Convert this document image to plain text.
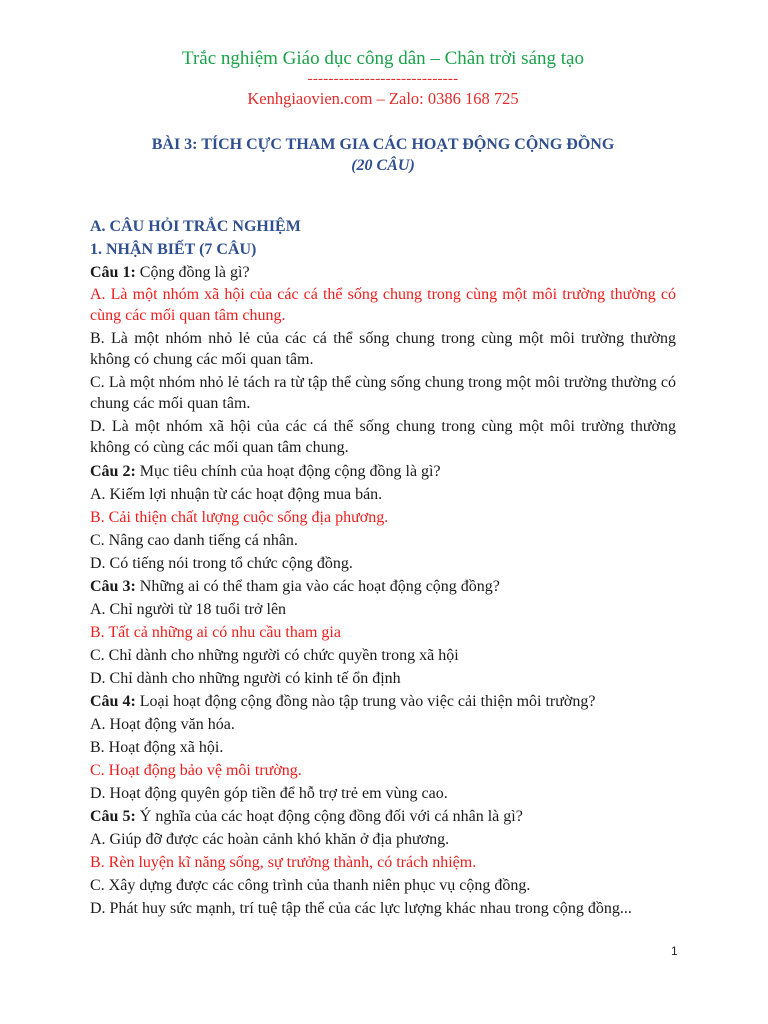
Trắc nghiệm Giáo dục công dân – Chân trời sáng tạo
-----------------------------
Kenhgiaovien.com – Zalo: 0386 168 725
BÀI 3: TÍCH CỰC THAM GIA CÁC HOẠT ĐỘNG CỘNG ĐỒNG
(20 CÂU)
A. CÂU HỎI TRẮC NGHIỆM
1. NHẬN BIẾT (7 CÂU)
Câu 1: Cộng đồng là gì?
A. Là một nhóm xã hội của các cá thể sống chung trong cùng một môi trường thường có cùng các mối quan tâm chung.
B. Là một nhóm nhỏ lẻ của các cá thể sống chung trong cùng một môi trường thường không có chung các mối quan tâm.
C. Là một nhóm nhỏ lẻ tách ra từ tập thể cùng sống chung trong một môi trường thường có chung các mối quan tâm.
D. Là một nhóm xã hội của các cá thể sống chung trong cùng một môi trường thường không có cùng các mối quan tâm chung.
Câu 2: Mục tiêu chính của hoạt động cộng đồng là gì?
A. Kiếm lợi nhuận từ các hoạt động mua bán.
B. Cải thiện chất lượng cuộc sống địa phương.
C. Nâng cao danh tiếng cá nhân.
D. Có tiếng nói trong tổ chức cộng đồng.
Câu 3: Những ai có thể tham gia vào các hoạt động cộng đồng?
A. Chỉ người từ 18 tuổi trở lên
B. Tất cả những ai có nhu cầu tham gia
C. Chỉ dành cho những người có chức quyền trong xã hội
D. Chỉ dành cho những người có kinh tế ổn định
Câu 4: Loại hoạt động cộng đồng nào tập trung vào việc cải thiện môi trường?
A. Hoạt động văn hóa.
B. Hoạt động xã hội.
C. Hoạt động bảo vệ môi trường.
D. Hoạt động quyên góp tiền để hỗ trợ trẻ em vùng cao.
Câu 5: Ý nghĩa của các hoạt động cộng đồng đối với cá nhân là gì?
A. Giúp đỡ được các hoàn cảnh khó khăn ở địa phương.
B. Rèn luyện kĩ năng sống, sự trưởng thành, có trách nhiệm.
C. Xây dựng được các công trình của thanh niên phục vụ cộng đồng.
D. Phát huy sức mạnh, trí tuệ tập thể của các lực lượng khác nhau trong cộng đồng...
1
